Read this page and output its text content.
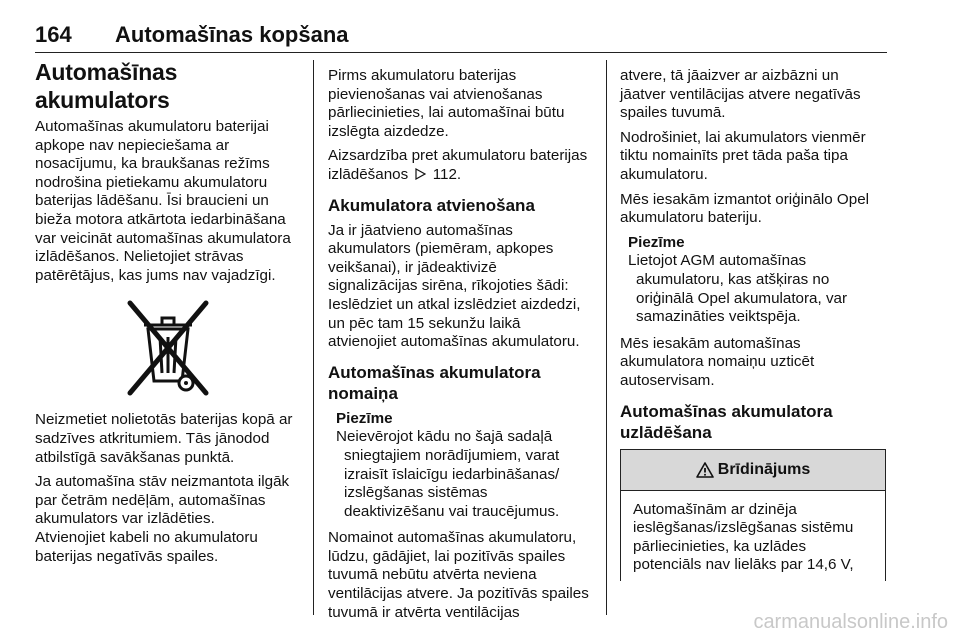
164 Automašīnas kopšana
Automašīnas akumulators

Automašīnas akumulatoru baterijai apkope nav nepieciešama ar nosacījumu, ka braukšanas režīms nodrošina pietiekamu akumulatoru baterijas lādēšanu. Īsi braucieni un bieža motora atkārtota iedarbināšana var veicināt automašīnas akumulatora izlādēšanos. Nelietojiet strāvas patērētājus, kas jums nav vajadzīgi.

Neizmetiet nolietotās baterijas kopā ar sadzīves atkritumiem. Tās jānodod atbilstīgā savākšanas punktā.

Ja automašīna stāv neizmantota ilgāk par četrām nedēļām, automašīnas akumulators var izlādēties.

Atvienojiet kabeli no akumulatoru baterijas negatīvās spailes.

Pirms akumulatoru baterijas pievienošanas vai atvienošanas pārliecinieties, lai automašīnai būtu izslēgta aizdedze.

Aizsardzība pret akumulatoru baterijas izlādēšanos 112.

Akumulatora atvienošana

Ja ir jāatvieno automašīnas akumulators (piemēram, apkopes veikšanai), ir jādeaktivizē signalizācijas sirēna, rīkojoties šādi: Ieslēdziet un atkal izslēdziet aizdedzi, un pēc tam 15 sekunžu laikā atvienojiet automašīnas akumulatoru.

Automašīnas akumulatora nomaiņa
Piezīme
Neievērojot kādu no šajā sadaļā
sniegtajiem norādījumiem, varat izraisīt īslaicīgu iedarbināšanas/ izslēgšanas sistēmas deaktivizēšanu vai traucējumus.

Nomainot automašīnas akumulatoru, lūdzu, gādājiet, lai pozitīvās spailes tuvumā nebūtu atvērta neviena ventilācijas atvere. Ja pozitīvās spailes tuvumā ir atvērta ventilācijas

atvere, tā jāaizver ar aizbāzni un jāatver ventilācijas atvere negatīvās spailes tuvumā.

Nodrošiniet, lai akumulators vienmēr tiktu nomainīts pret tāda paša tipa akumulatoru.

Mēs iesakām izmantot oriģinālo Opel akumulatoru bateriju.

Piezīme
Lietojot AGM automašīnas
akumulatoru, kas atšķiras no oriģinālā Opel akumulatora, var samazināties veiktspēja.

Mēs iesakām automašīnas akumulatora nomaiņu uzticēt autoservisam.

Automašīnas akumulatora uzlādēšana
Brīdinājums
Automašīnām ar dzinēja ieslēgšanas/izslēgšanas sistēmu pārliecinieties, ka uzlādes potenciāls nav lielāks par 14,6 V,
carmanualsonline.info
